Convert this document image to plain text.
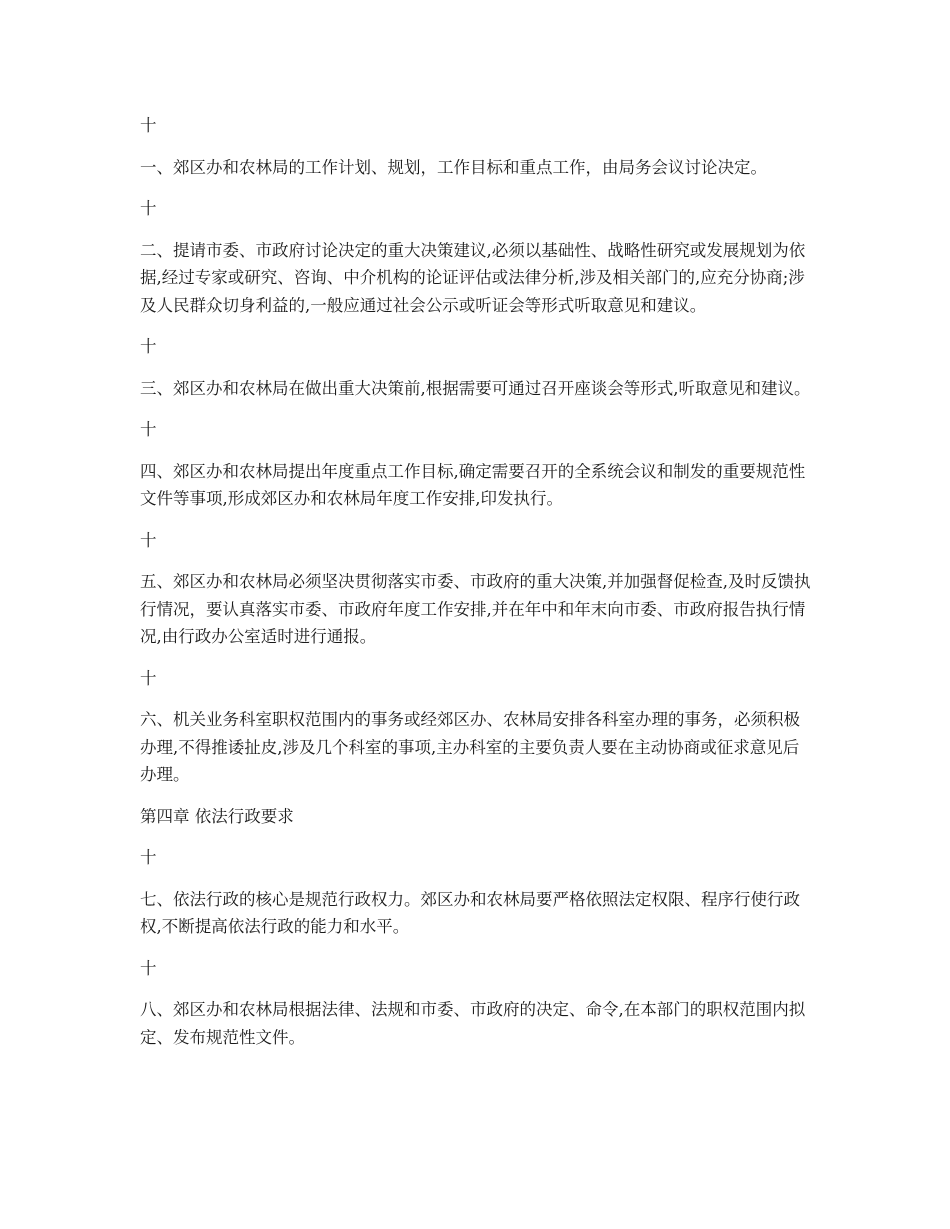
十

一、郊区办和农林局的工作计划、规划，工作目标和重点工作，由局务会议讨论决定。

十

二、提请市委、市政府讨论决定的重大决策建议,必须以基础性、战略性研究或发展规划为依据,经过专家或研究、咨询、中介机构的论证评估或法律分析,涉及相关部门的,应充分协商;涉及人民群众切身利益的,一般应通过社会公示或听证会等形式听取意见和建议。

十

三、郊区办和农林局在做出重大决策前,根据需要可通过召开座谈会等形式,听取意见和建议。

十

四、郊区办和农林局提出年度重点工作目标,确定需要召开的全系统会议和制发的重要规范性文件等事项,形成郊区办和农林局年度工作安排,印发执行。

十

五、郊区办和农林局必须坚决贯彻落实市委、市政府的重大决策,并加强督促检查,及时反馈执行情况，要认真落实市委、市政府年度工作安排,并在年中和年末向市委、市政府报告执行情况,由行政办公室适时进行通报。

十

六、机关业务科室职权范围内的事务或经郊区办、农林局安排各科室办理的事务，必须积极办理,不得推诿扯皮,涉及几个科室的事项,主办科室的主要负责人要在主动协商或征求意见后办理。

第四章 依法行政要求

十

七、依法行政的核心是规范行政权力。郊区办和农林局要严格依照法定权限、程序行使行政权,不断提高依法行政的能力和水平。

十

八、郊区办和农林局根据法律、法规和市委、市政府的决定、命令,在本部门的职权范围内拟定、发布规范性文件。
